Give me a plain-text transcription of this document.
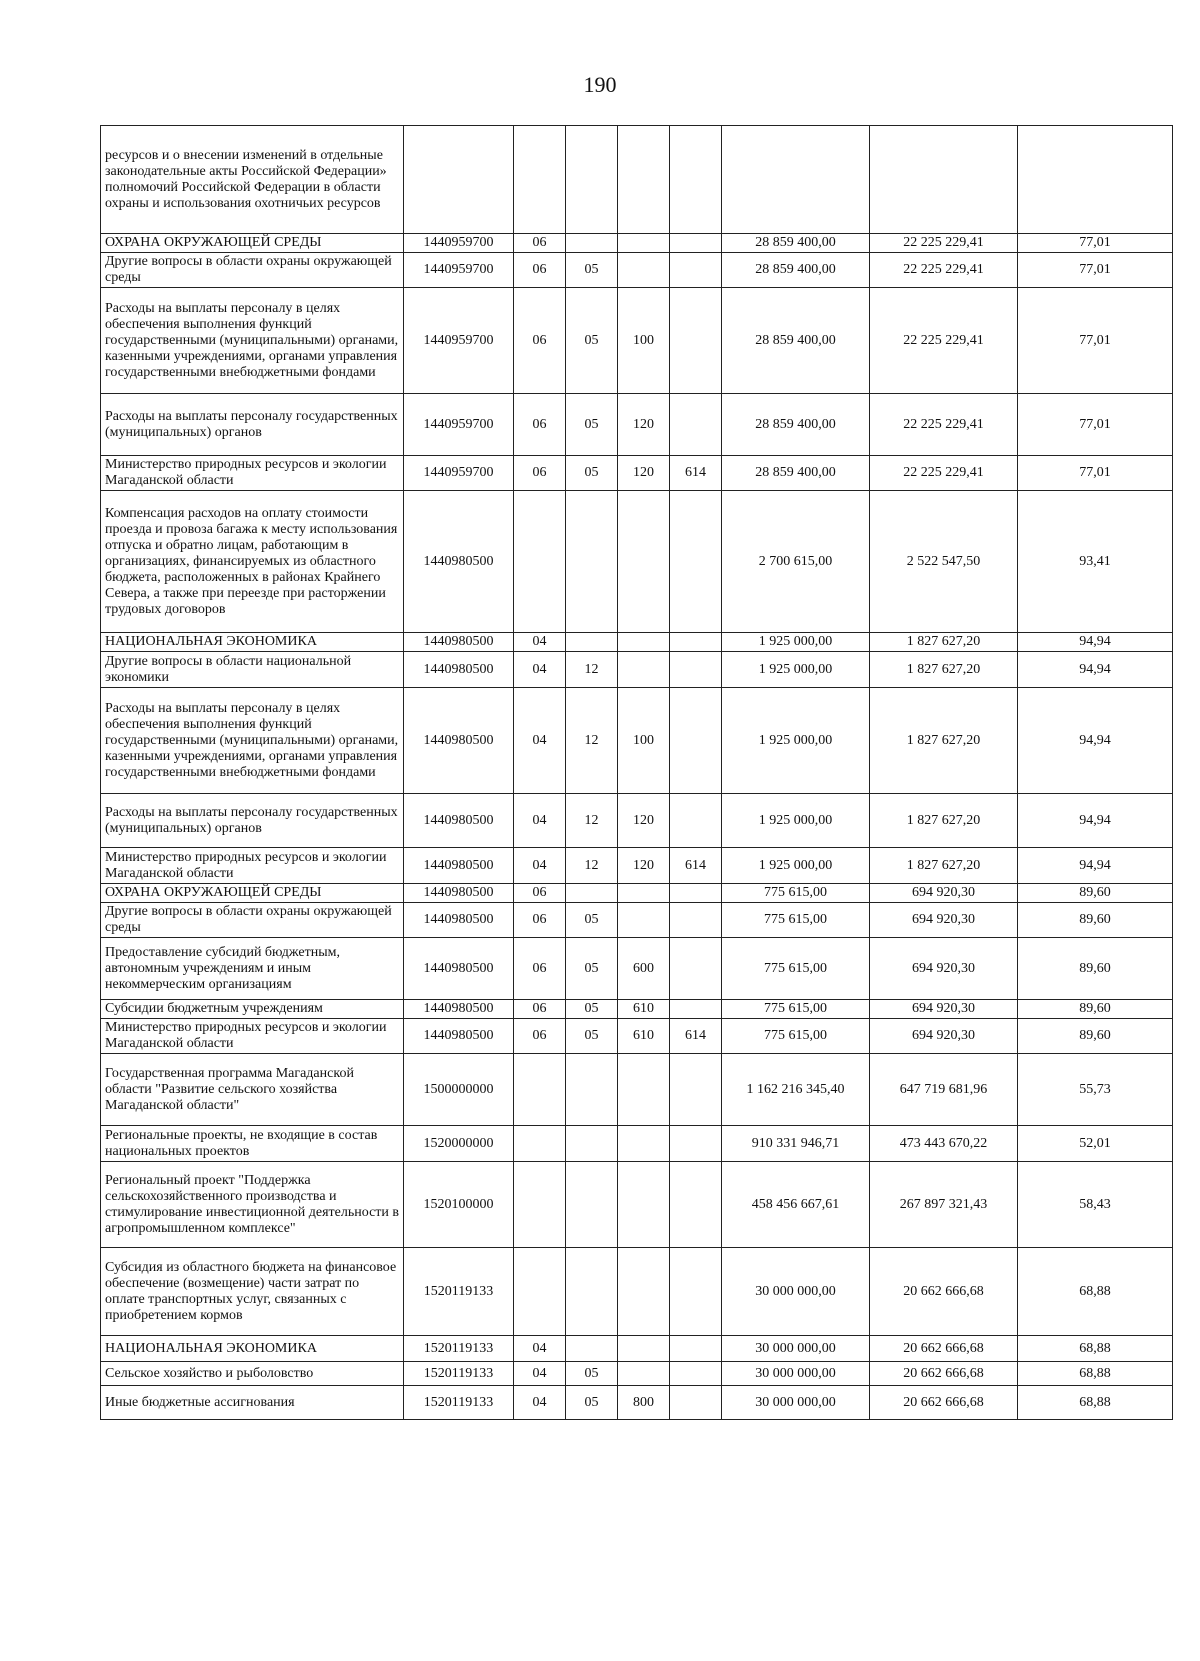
190
ресурсов и о внесении изменений в отдельные законодательные акты Российской Федерации» полномочий Российской Федерации в области охраны и использования охотничьих ресурсов								
ОХРАНА ОКРУЖАЮЩЕЙ СРЕДЫ	1440959700	06				28 859 400,00	22 225 229,41	77,01
Другие вопросы в области охраны окружающей среды	1440959700	06	05			28 859 400,00	22 225 229,41	77,01
Расходы на выплаты персоналу в целях обеспечения выполнения функций государственными (муниципальными) органами, казенными учреждениями, органами управления государственными внебюджетными фондами	1440959700	06	05	100		28 859 400,00	22 225 229,41	77,01
Расходы на выплаты персоналу государственных (муниципальных) органов	1440959700	06	05	120		28 859 400,00	22 225 229,41	77,01
Министерство природных ресурсов и экологии Магаданской области	1440959700	06	05	120	614	28 859 400,00	22 225 229,41	77,01
Компенсация расходов на оплату стоимости проезда и провоза багажа к месту использования отпуска и обратно лицам, работающим в организациях, финансируемых из областного бюджета, расположенных в районах Крайнего Севера, а также при переезде при расторжении трудовых договоров	1440980500					2 700 615,00	2 522 547,50	93,41
НАЦИОНАЛЬНАЯ ЭКОНОМИКА	1440980500	04				1 925 000,00	1 827 627,20	94,94
Другие вопросы в области национальной экономики	1440980500	04	12			1 925 000,00	1 827 627,20	94,94
Расходы на выплаты персоналу в целях обеспечения выполнения функций государственными (муниципальными) органами, казенными учреждениями, органами управления государственными внебюджетными фондами	1440980500	04	12	100		1 925 000,00	1 827 627,20	94,94
Расходы на выплаты персоналу государственных (муниципальных) органов	1440980500	04	12	120		1 925 000,00	1 827 627,20	94,94
Министерство природных ресурсов и экологии Магаданской области	1440980500	04	12	120	614	1 925 000,00	1 827 627,20	94,94
ОХРАНА ОКРУЖАЮЩЕЙ СРЕДЫ	1440980500	06				775 615,00	694 920,30	89,60
Другие вопросы в области охраны окружающей среды	1440980500	06	05			775 615,00	694 920,30	89,60
Предоставление субсидий бюджетным, автономным учреждениям и иным некоммерческим организациям	1440980500	06	05	600		775 615,00	694 920,30	89,60
Субсидии бюджетным учреждениям	1440980500	06	05	610		775 615,00	694 920,30	89,60
Министерство природных ресурсов и экологии Магаданской области	1440980500	06	05	610	614	775 615,00	694 920,30	89,60
Государственная программа Магаданской области "Развитие сельского хозяйства Магаданской области"	1500000000					1 162 216 345,40	647 719 681,96	55,73
Региональные проекты, не входящие в состав национальных проектов	1520000000					910 331 946,71	473 443 670,22	52,01
Региональный проект "Поддержка сельскохозяйственного производства и стимулирование инвестиционной деятельности в агропромышленном комплексе"	1520100000					458 456 667,61	267 897 321,43	58,43
Субсидия из областного бюджета на финансовое обеспечение (возмещение) части затрат по оплате транспортных услуг, связанных с приобретением кормов	1520119133					30 000 000,00	20 662 666,68	68,88
НАЦИОНАЛЬНАЯ ЭКОНОМИКА	1520119133	04				30 000 000,00	20 662 666,68	68,88
Сельское хозяйство и рыболовство	1520119133	04	05			30 000 000,00	20 662 666,68	68,88
Иные бюджетные ассигнования	1520119133	04	05	800		30 000 000,00	20 662 666,68	68,88
